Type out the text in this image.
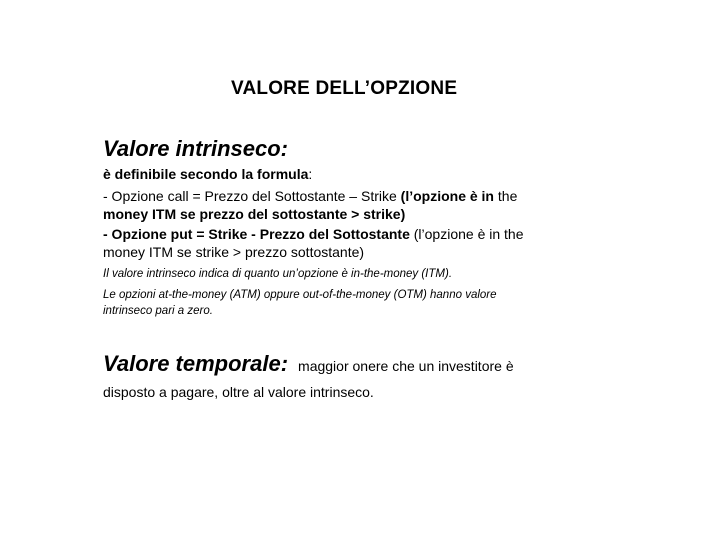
VALORE DELL’OPZIONE

Valore intrinseco:

è definibile secondo la formula:

- Opzione call = Prezzo del Sottostante – Strike (l’opzione è in the

money ITM se prezzo del sottostante > strike)

- Opzione put = Strike - Prezzo del Sottostante (l’opzione è in the

money ITM se strike > prezzo sottostante)

Il valore intrinseco indica di quanto un’opzione è in-the-money (ITM).

Le opzioni at-the-money (ATM) oppure out-of-the-money (OTM) hanno valore

intrinseco pari a zero.

Valore temporale: maggior onere che un investitore è

disposto a pagare, oltre al valore intrinseco.
